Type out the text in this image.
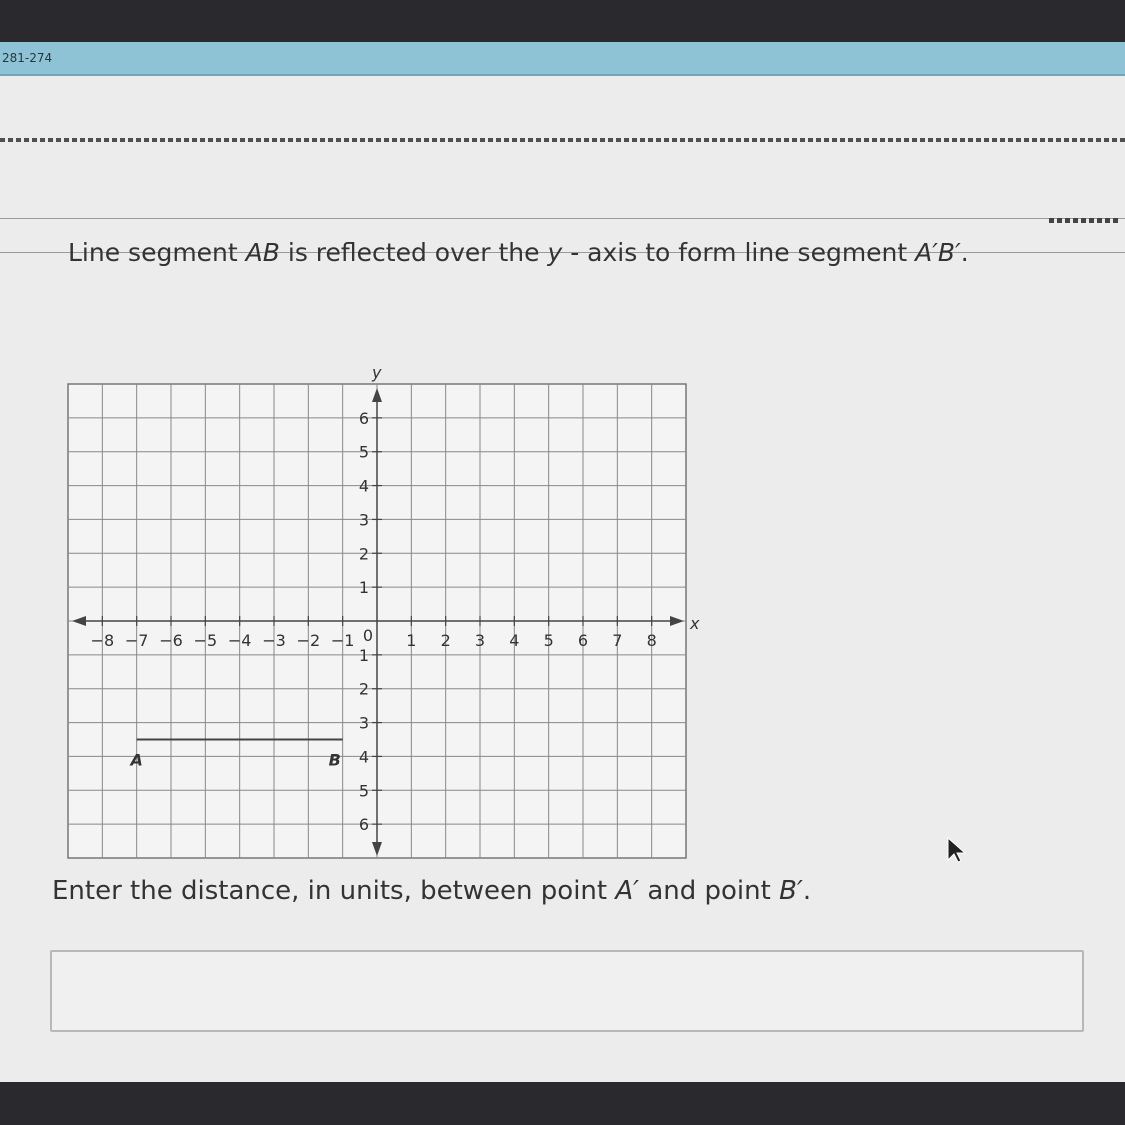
281-274
Line segment AB is reflected over the y - axis to form line segment A′B′.
x
y
−8 −7 −6 −5 −4 −3 −2 −1	1 2 3 4 5 6 7 8
6
5
4
3
2
1
1
2
3
4
5
6
0
A	B
Enter the distance, in units, between point A′ and point B′.
